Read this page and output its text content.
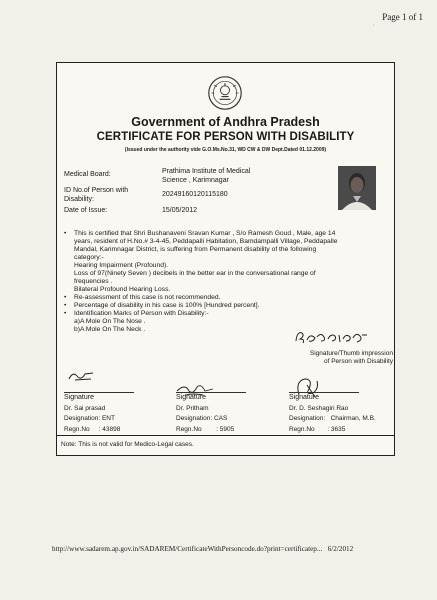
Page 1 of 1
ˈ
Government of Andhra Pradesh
CERTIFICATE FOR PERSON WITH DISABILITY
(Issued under the authority vide G.O.Ms.No.31, WD CW & DW Dept.Dated 01.12.2009)
Medical Board:	Prathima Institute of Medical
Science , Karimnagar
ID No.of Person with
Disability:
20249160120115180
Date of Issue:	15/05/2012
• This is certified that Shri Bushanaveni Sravan Kumar , S/o Ramesh Goud , Male, age 14
years, resident of H.No.# 3-4-45, Peddapalli Habitation, Bamdampalli Village, Peddapalle
Mandal, Karimnagar District, is suffering from Permanent disability of the following
category:-
Hearing Impairment (Profound).
Loss of 97(Ninety Seven ) decibels in the better ear in the conversational range of
frequencies .
Bilateral Profound Hearing Loss.
• Re-assessment of this case is not recommended.
• Percentage of disability in his case is 100% [Hundred percent].
• Identification Marks of Person with Disability:-
a)A Mole On The Nose .
b)A Mole On The Neck .
Signature/Thumb impression
of Person with Disability
Signature
Dr. Sai prasad
Designation: ENT
Regn.No : 43898
Signature
Dr. Pritham
Designation: CAS
Regn.No : 5905
Signature
Dr. D. Seshagiri Rao
Designation: Chairman, M.B.
Regn.No : 3635
Note: This is not valid for Medico-Legal cases.
http://www.sadarem.ap.gov.in/SADAREM/CertificateWithPersoncode.do?print=certificatep... 6/2/2012
